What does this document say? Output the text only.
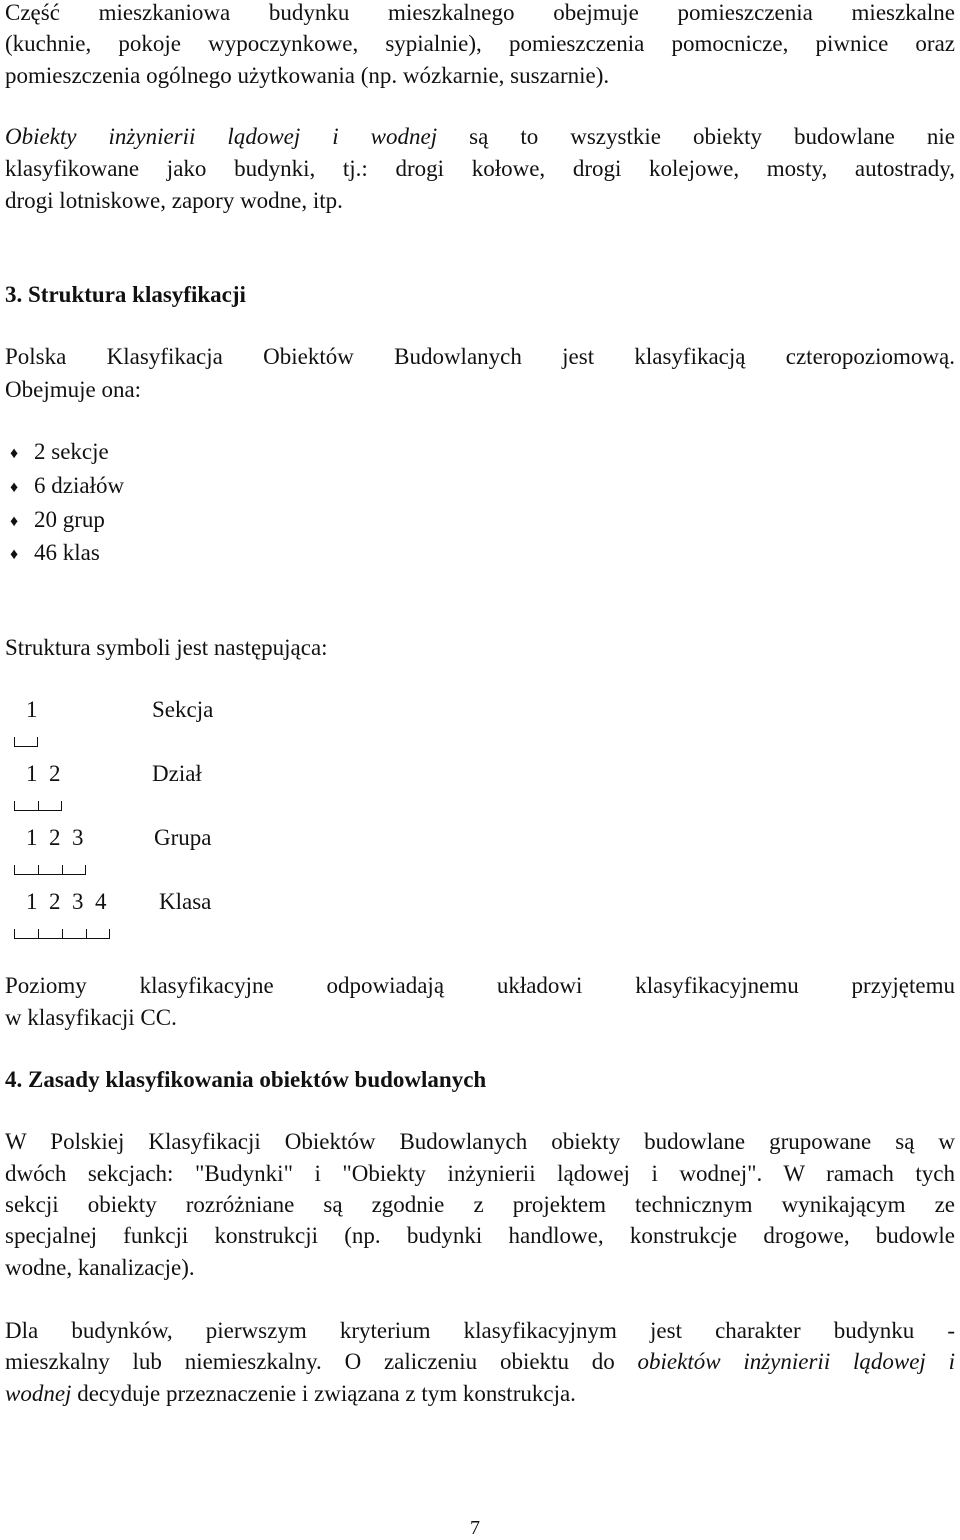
Część mieszkaniowa budynku mieszkalnego obejmuje pomieszczenia mieszkalne
(kuchnie, pokoje wypoczynkowe, sypialnie), pomieszczenia pomocnicze, piwnice oraz
pomieszczenia ogólnego użytkowania (np. wózkarnie, suszarnie).
Obiekty inżynierii lądowej i wodnej są to wszystkie obiekty budowlane nie
klasyfikowane jako budynki, tj.: drogi kołowe, drogi kolejowe, mosty, autostrady,
drogi lotniskowe, zapory wodne, itp.
3. Struktura klasyfikacji
Polska Klasyfikacja Obiektów Budowlanych jest klasyfikacją czteropoziomową.
Obejmuje ona:
♦ 2 sekcje
♦ 6 działów
♦ 20 grup
♦ 46 klas
Struktura symboli jest następująca:
1	Sekcja
1  2	Dział
1  2  3	Grupa
1  2  3  4 Klasa
Poziomy klasyfikacyjne odpowiadają układowi klasyfikacyjnemu przyjętemu
w klasyfikacji CC.
4. Zasady klasyfikowania obiektów budowlanych
W Polskiej Klasyfikacji Obiektów Budowlanych obiekty budowlane grupowane są w
dwóch sekcjach: "Budynki" i "Obiekty inżynierii lądowej i wodnej". W ramach tych
sekcji obiekty rozróżniane są zgodnie z projektem technicznym wynikającym ze
specjalnej funkcji konstrukcji (np. budynki handlowe, konstrukcje drogowe, budowle
wodne, kanalizacje).
Dla budynków, pierwszym kryterium klasyfikacyjnym jest charakter budynku -
mieszkalny lub niemieszkalny. O zaliczeniu obiektu do obiektów inżynierii lądowej i
wodnej decyduje przeznaczenie i związana z tym konstrukcja.
7
